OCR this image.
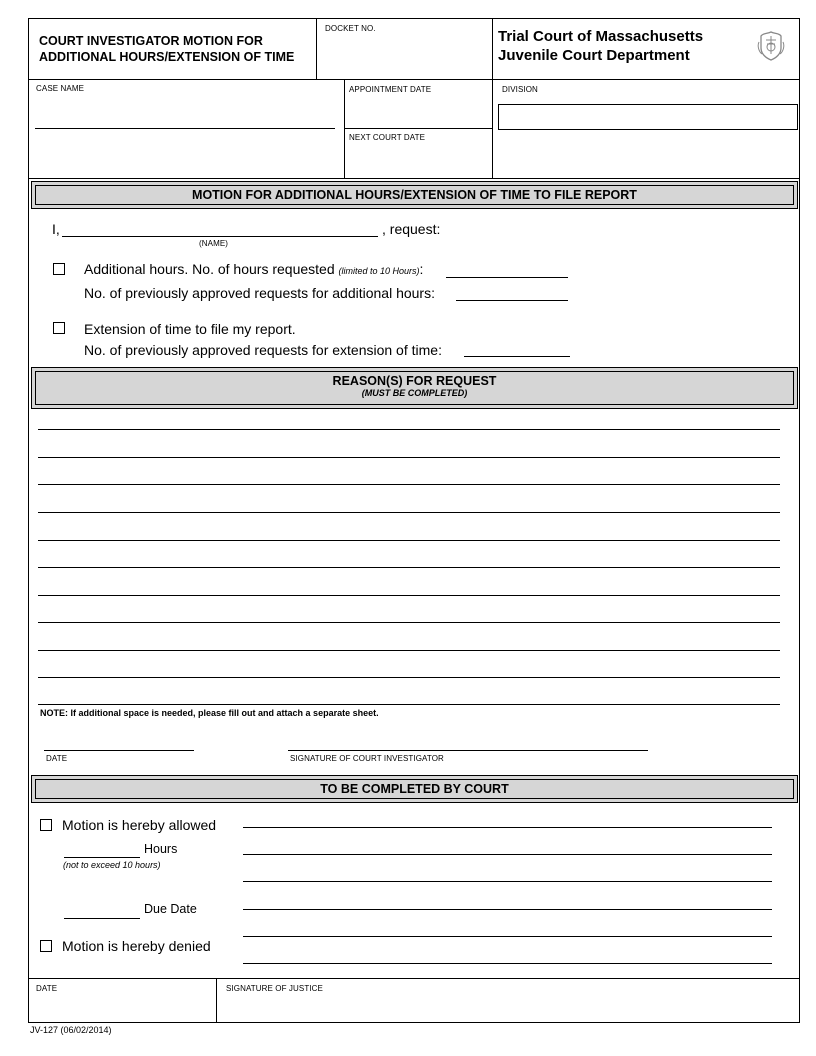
COURT INVESTIGATOR MOTION FOR
ADDITIONAL HOURS/EXTENSION OF TIME
DOCKET NO.	Trial Court of Massachusetts
Juvenile Court Department
CASE NAME	APPOINTMENT DATE
NEXT COURT DATE
DIVISION
MOTION FOR ADDITIONAL HOURS/EXTENSION OF TIME TO FILE REPORT
I,	, request:
(NAME)
Additional hours. No. of hours requested (limited to 10 Hours):
No. of previously approved requests for additional hours:
Extension of time to file my report.
No. of previously approved requests for extension of time:
REASON(S) FOR REQUEST
(MUST BE COMPLETED)
NOTE: If additional space is needed, please fill out and attach a separate sheet.
DATE	SIGNATURE OF COURT INVESTIGATOR
TO BE COMPLETED BY COURT
Motion is hereby allowed
Hours
(not to exceed 10 hours)
Due Date
Motion is hereby denied
DATE	SIGNATURE OF JUSTICE
JV-127 (06/02/2014)
